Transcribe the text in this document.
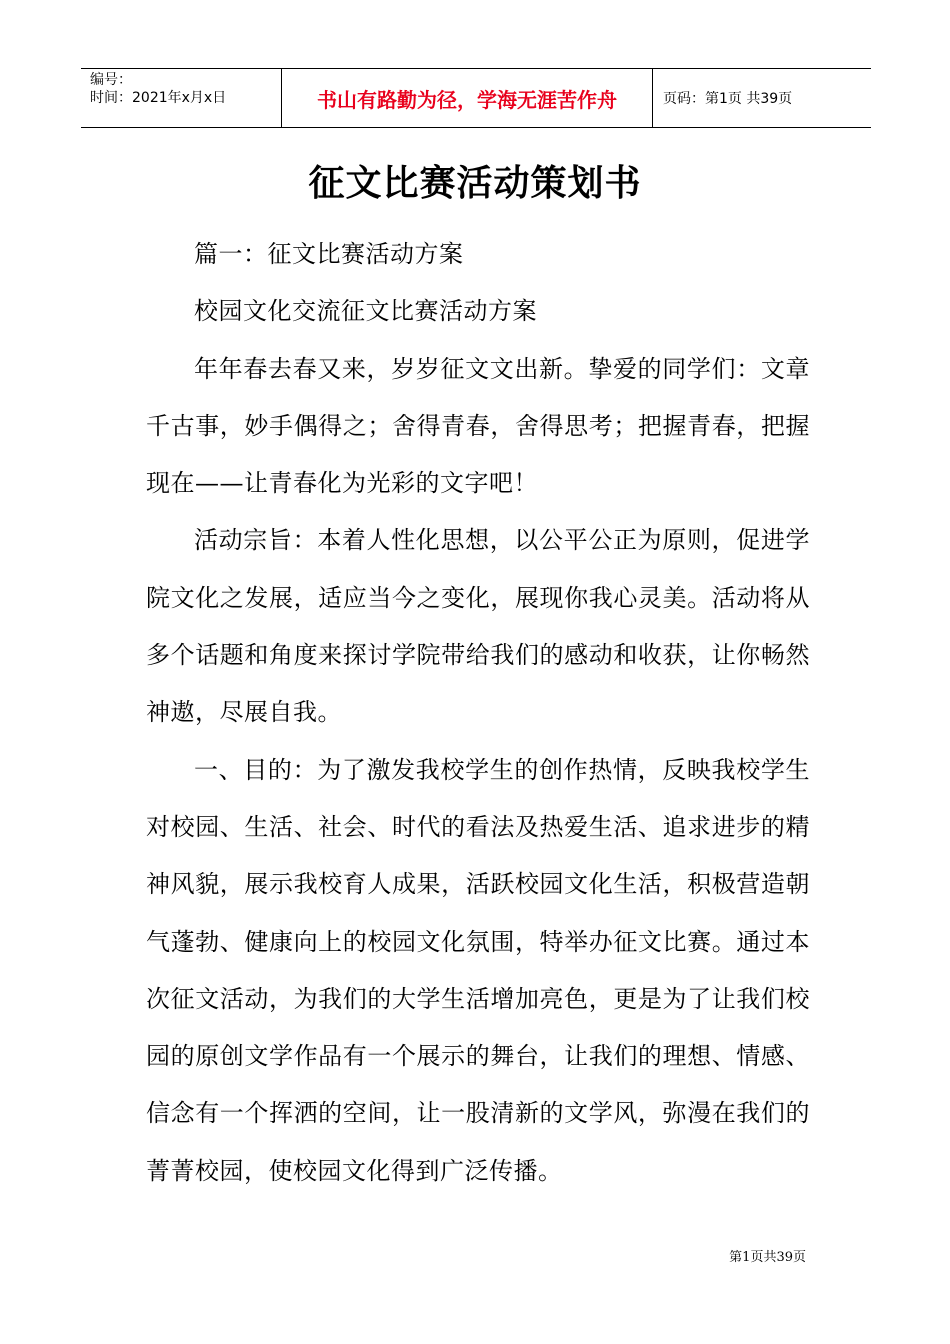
编号：
时间：2021年x月x日	书山有路勤为径，学海无涯苦作舟	页码：第1页 共39页
征文比赛活动策划书

篇一：征文比赛活动方案

校园文化交流征文比赛活动方案

年年春去春又来，岁岁征文文出新。挚爱的同学们：文章千古事，妙手偶得之；舍得青春，舍得思考；把握青春，把握现在——让青春化为光彩的文字吧！

活动宗旨：本着人性化思想，以公平公正为原则，促进学院文化之发展，适应当今之变化，展现你我心灵美。活动将从多个话题和角度来探讨学院带给我们的感动和收获，让你畅然神遨，尽展自我。

一、目的：为了激发我校学生的创作热情，反映我校学生对校园、生活、社会、时代的看法及热爱生活、追求进步的精神风貌，展示我校育人成果，活跃校园文化生活，积极营造朝气蓬勃、健康向上的校园文化氛围，特举办征文比赛。通过本次征文活动，为我们的大学生活增加亮色，更是为了让我们校园的原创文学作品有一个展示的舞台，让我们的理想、情感、信念有一个挥洒的空间，让一股清新的文学风，弥漫在我们的菁菁校园，使校园文化得到广泛传播。

第1页共39页
